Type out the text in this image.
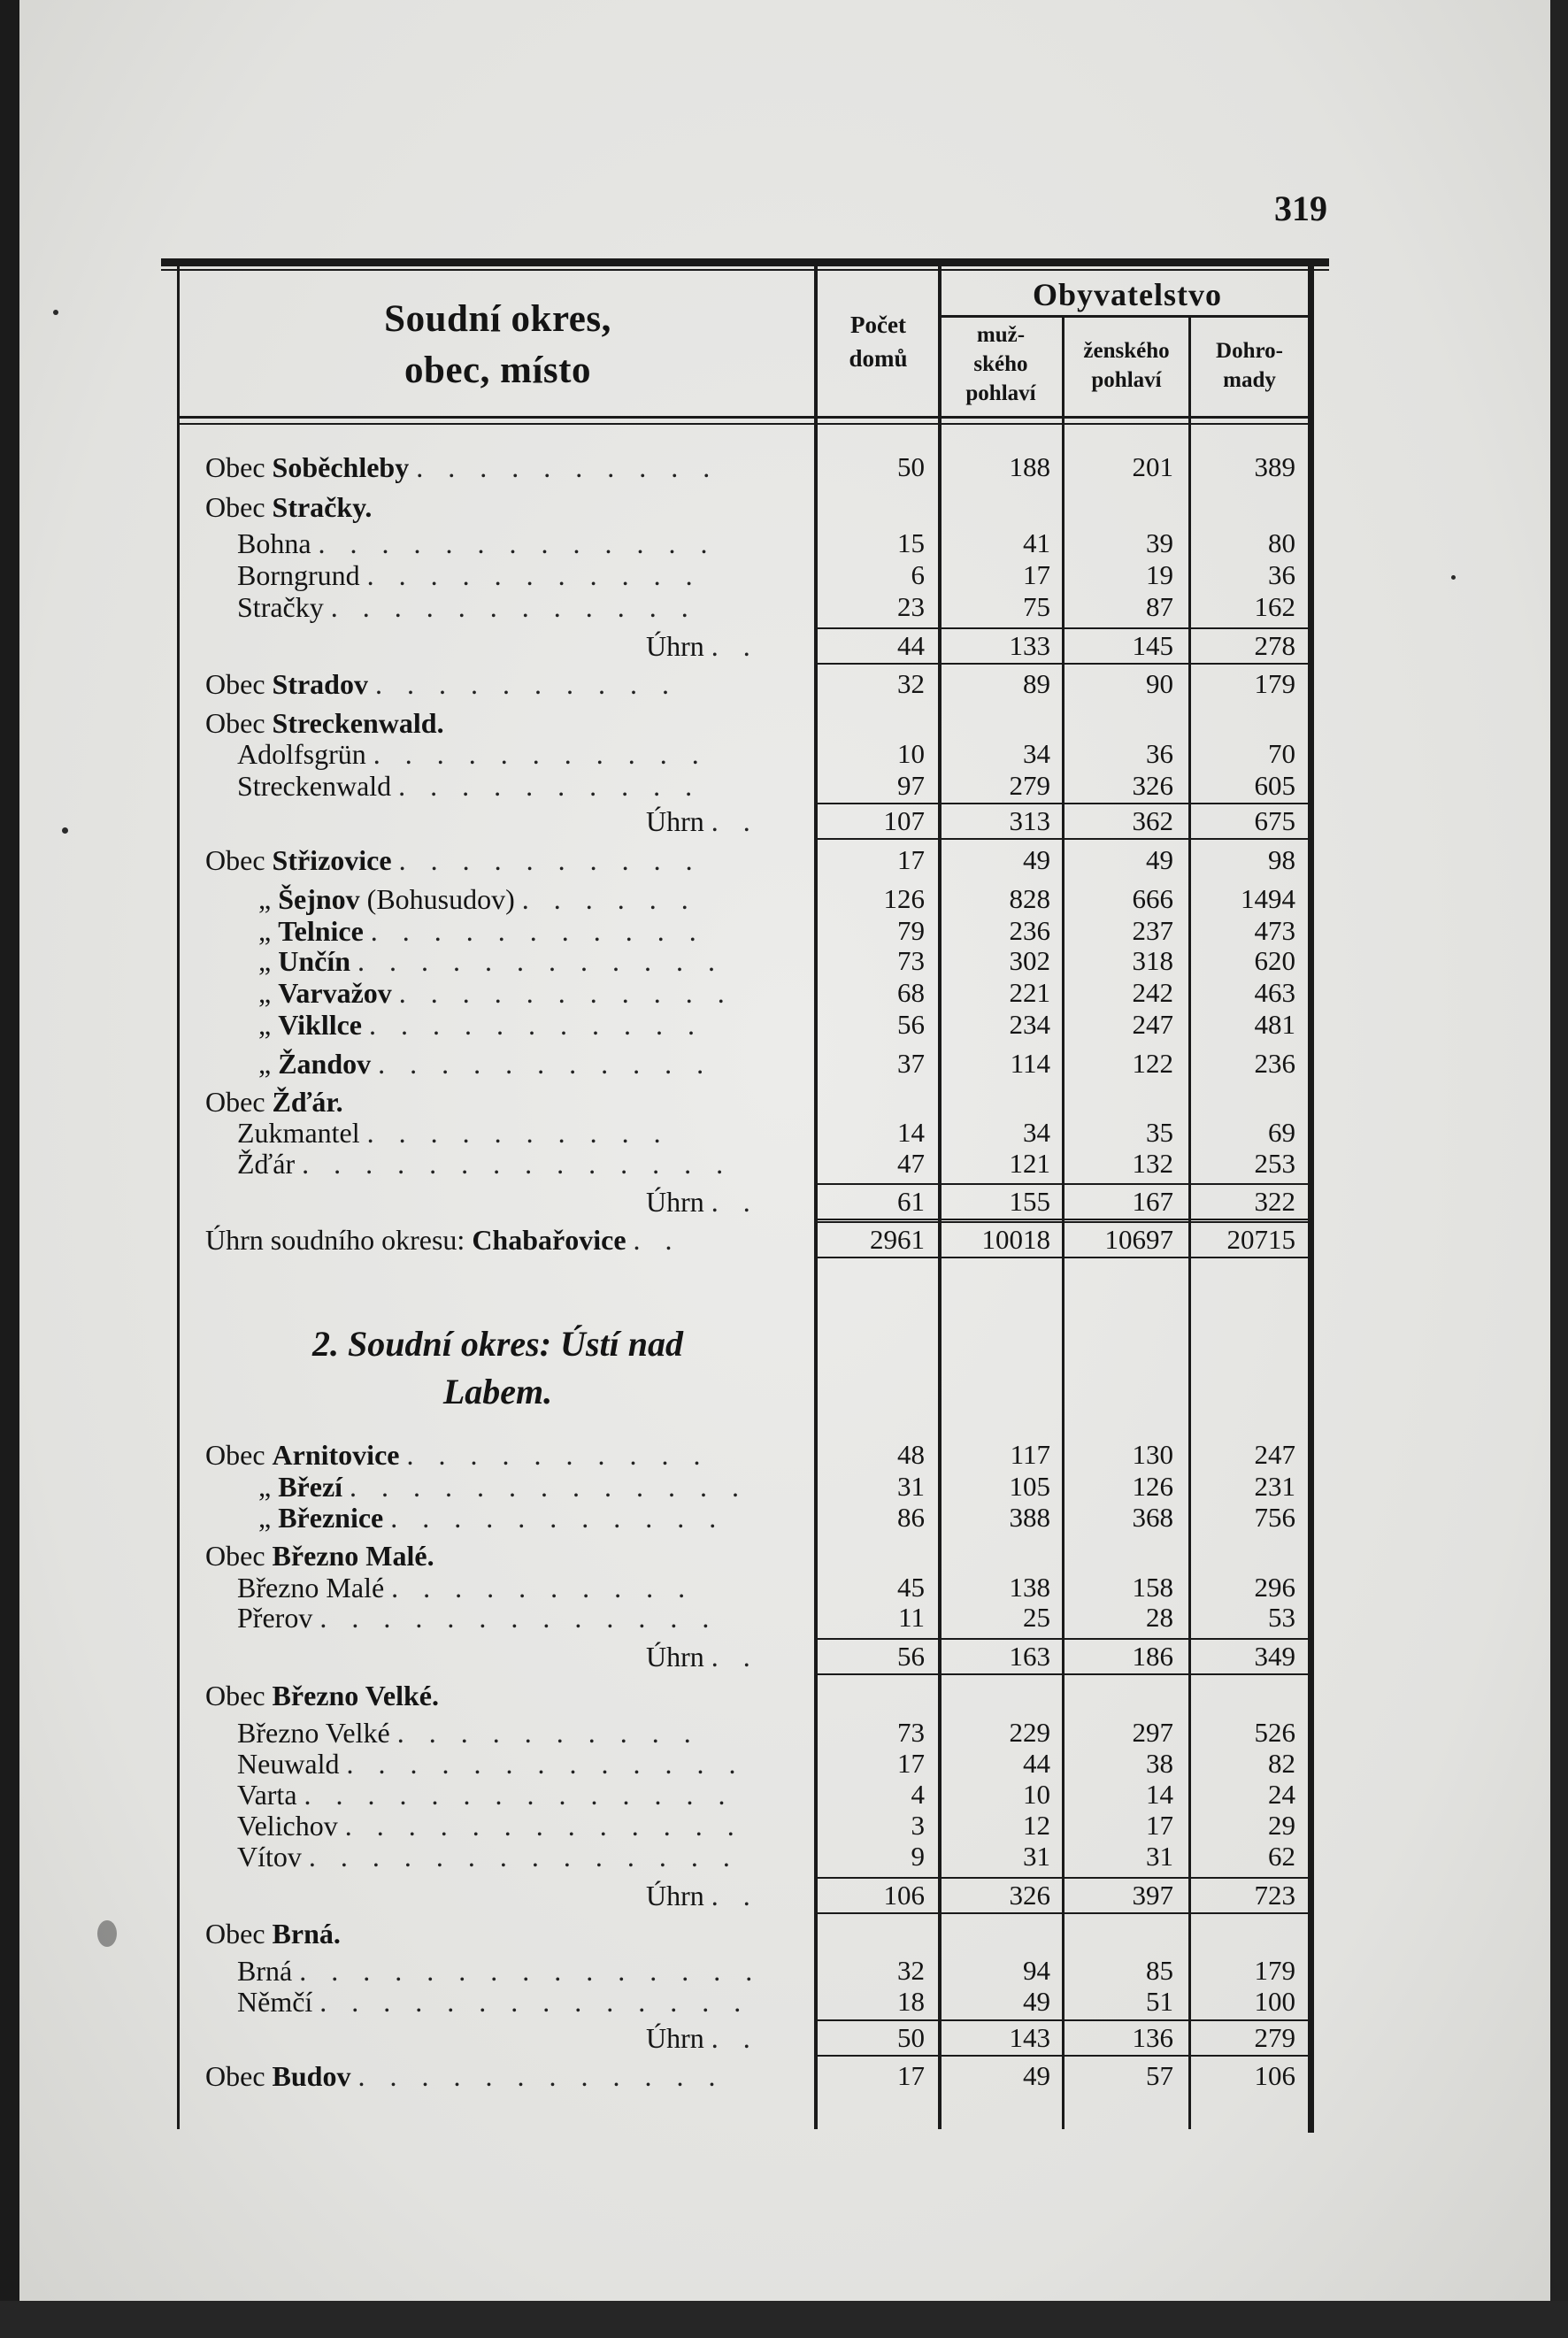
319
Soudní okres,
obec, místo
Počet
domů
Obyvatelstvo
muž-
ského
pohlaví
ženského
pohlaví
Dohro-
mady
Obec Soběchleby . . . . . . . . . .	50	188	201	389
Obec Stračky.
Bohna . . . . . . . . . . . . .	15	41	39	80
Borngrund . . . . . . . . . . .	6	17	19	36
Stračky . . . . . . . . . . . .	23	75	87	162
Úhrn . .	44	133	145	278
Obec Stradov . . . . . . . . . .	32	89	90	179
Obec Streckenwald.
Adolfsgrün . . . . . . . . . . .	10	34	36	70
Streckenwald . . . . . . . . . .	97	279	326	605
Úhrn . .	107	313	362	675
Obec Střizovice . . . . . . . . . .	17	49	49	98
„ Šejnov (Bohusudov) . . . . . .	126	828	666	1494
„ Telnice . . . . . . . . . . .	79	236	237	473
„ Unčín . . . . . . . . . . . .	73	302	318	620
„ Varvažov . . . . . . . . . . .	68	221	242	463
„ Vikllce . . . . . . . . . . .	56	234	247	481
„ Žandov . . . . . . . . . . .	37	114	122	236
Obec Žďár.
Zukmantel . . . . . . . . . .	14	34	35	69
Žďár . . . . . . . . . . . . . .	47	121	132	253
Úhrn . .	61	155	167	322
Úhrn soudního okresu: Chabařovice . .	2961	10018	10697	20715
Obec Arnitovice . . . . . . . . . .	48	117	130	247
„ Březí . . . . . . . . . . . . .	31	105	126	231
„ Březnice . . . . . . . . . . .	86	388	368	756
Obec Březno Malé.
Březno Malé . . . . . . . . . .	45	138	158	296
Přerov . . . . . . . . . . . . .	11	25	28	53
Úhrn . .	56	163	186	349
Obec Březno Velké.
Březno Velké . . . . . . . . . .	73	229	297	526
Neuwald . . . . . . . . . . . . .	17	44	38	82
Varta . . . . . . . . . . . . . .	4	10	14	24
Velichov . . . . . . . . . . . . .	3	12	17	29
Vítov . . . . . . . . . . . . . .	9	31	31	62
Úhrn . .	106	326	397	723
Obec Brná.
Brná . . . . . . . . . . . . . . .	32	94	85	179
Němčí . . . . . . . . . . . . . .	18	49	51	100
Úhrn . .	50	143	136	279
Obec Budov . . . . . . . . . . . .	17	49	57	106
2. Soudní okres: Ústí nad
Labem.
